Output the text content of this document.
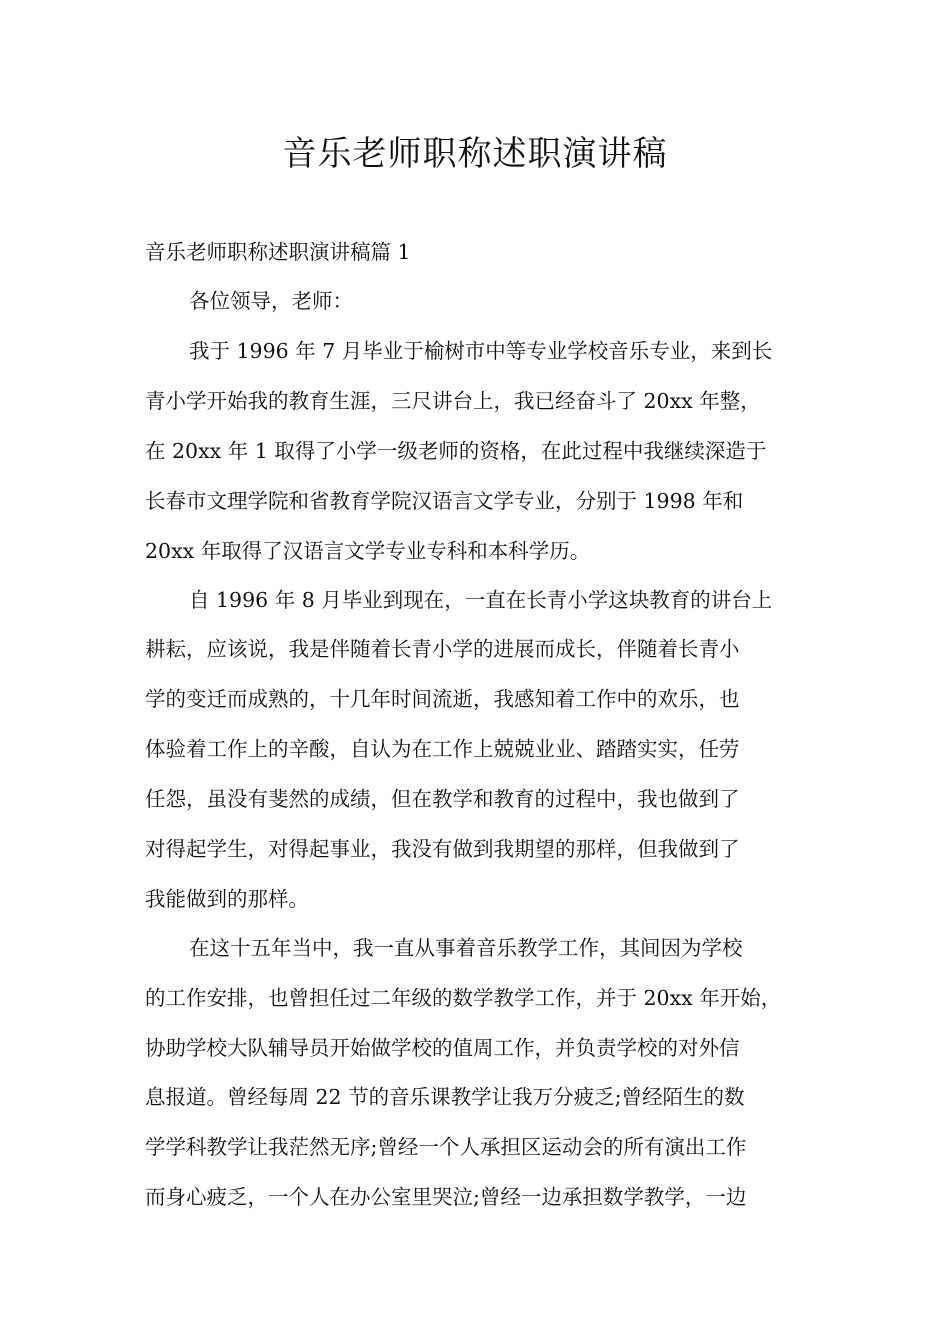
音乐老师职称述职演讲稿

音乐老师职称述职演讲稿篇 1

各位领导，老师：

我于 1996 年 7 月毕业于榆树市中等专业学校音乐专业，来到长

青小学开始我的教育生涯，三尺讲台上，我已经奋斗了 20xx 年整，

在 20xx 年 1 取得了小学一级老师的资格，在此过程中我继续深造于

长春市文理学院和省教育学院汉语言文学专业，分别于 1998 年和

20xx 年取得了汉语言文学专业专科和本科学历。

自 1996 年 8 月毕业到现在，一直在长青小学这块教育的讲台上

耕耘，应该说，我是伴随着长青小学的进展而成长，伴随着长青小

学的变迁而成熟的，十几年时间流逝，我感知着工作中的欢乐，也

体验着工作上的辛酸，自认为在工作上兢兢业业、踏踏实实，任劳

任怨，虽没有斐然的成绩，但在教学和教育的过程中，我也做到了

对得起学生，对得起事业，我没有做到我期望的那样，但我做到了

我能做到的那样。

在这十五年当中，我一直从事着音乐教学工作，其间因为学校

的工作安排，也曾担任过二年级的数学教学工作，并于 20xx 年开始，

协助学校大队辅导员开始做学校的值周工作，并负责学校的对外信

息报道。曾经每周 22 节的音乐课教学让我万分疲乏;曾经陌生的数

学学科教学让我茫然无序;曾经一个人承担区运动会的所有演出工作

而身心疲乏，一个人在办公室里哭泣;曾经一边承担数学教学，一边
